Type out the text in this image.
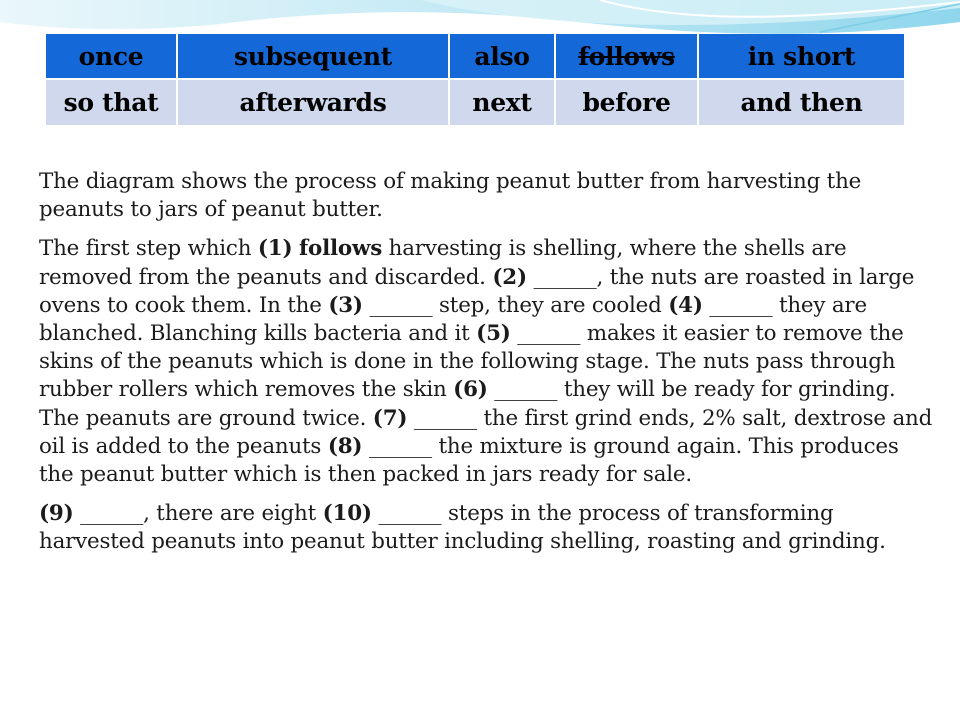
once	subsequent	also	follows	in short
so that	afterwards	next	before	and then

The diagram shows the process of making peanut butter from harvesting the peanuts to jars of peanut butter.

The first step which (1) follows harvesting is shelling, where the shells are removed from the peanuts and discarded. (2) ______, the nuts are roasted in large ovens to cook them. In the (3) ______ step, they are cooled (4) ______ they are blanched. Blanching kills bacteria and it (5) ______ makes it easier to remove the skins of the peanuts which is done in the following stage. The nuts pass through rubber rollers which removes the skin (6) ______ they will be ready for grinding. The peanuts are ground twice. (7) ______ the first grind ends, 2% salt, dextrose and oil is added to the peanuts (8) ______ the mixture is ground again. This produces the peanut butter which is then packed in jars ready for sale.

(9) ______, there are eight (10) ______ steps in the process of transforming harvested peanuts into peanut butter including shelling, roasting and grinding.
